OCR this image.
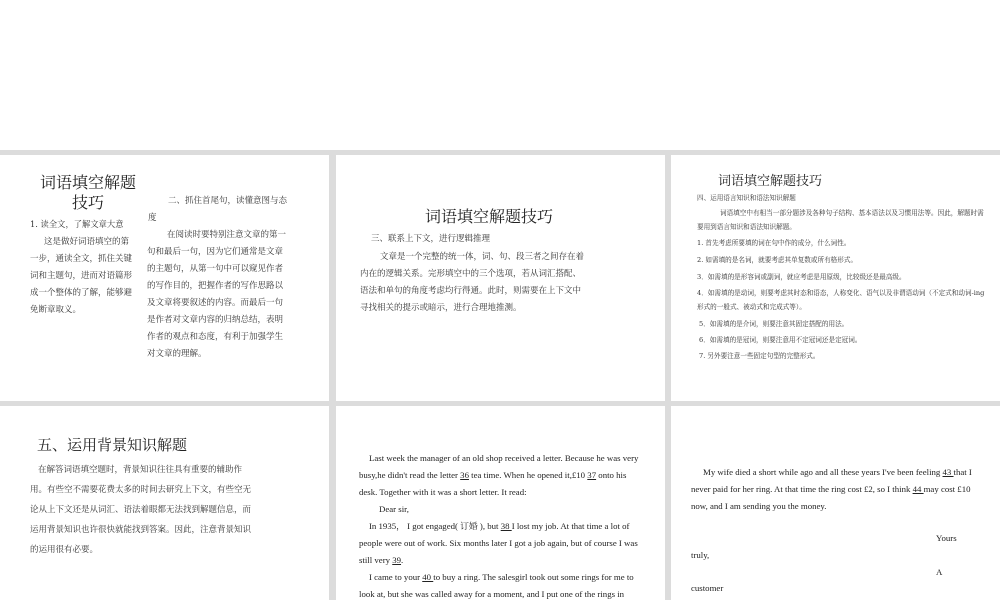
词语填空解题技巧
1. 读全文，了解文章大意
这是做好词语填空的第一步，通读全文，抓住关键词和主题句，进而对语篇形成一个整体的了解，能够避免断章取义。
二、抓住首尾句，读懂意图与态度
在阅读时要特别注意文章的第一句和最后一句，因为它们通常是文章的主题句，从第一句中可以窥见作者的写作目的，把握作者的写作思路以及文章将要叙述的内容。而最后一句是作者对文章内容的归纳总结，表明作者的观点和态度，有利于加强学生对文章的理解。
词语填空解题技巧
三、联系上下文，进行逻辑推理
文章是一个完整的统一体，词、句、段三者之间存在着内在的逻辑关系。完形填空中的三个选项，若从词汇搭配、语法和单句的角度考虑均行得通。此时，则需要在上下文中寻找相关的提示或暗示，进行合理地推测。
词语填空解题技巧
四、运用语言知识和语法知识解题
词语填空中有相当一部分题涉及各种句子结构、基本语法以及习惯用法等。因此，解题时需要用到语言知识和语法知识解题。
1. 首先考虑所要填的词在句中作的成分，什么词性。
2. 如需填的是名词，就要考虑其单复数或所有格形式。
3．如需填的是形容词或副词，就应考虑是用原级，比较级还是最高级。
4．如需填的是动词，则要考虑其时态和语态，人称变化、语气以及非谓语动词（不定式和动词-ing 形式的一般式、被动式和完成式等）。
5．如需填的是介词，则要注意其固定搭配的用法。
6．如需填的是冠词，则要注意用不定冠词还是定冠词。
7. 另外要注意一些固定句型的完整形式。
五、运用背景知识解题
在解答词语填空题时，背景知识往往具有重要的辅助作用。有些空不需要花费太多的时间去研究上下文，有些空无论从上下文还是从词汇、语法着眼都无法找到解题信息，而运用背景知识也许很快就能找到答案。因此，注意背景知识的运用很有必要。
Last week the manager of an old shop received a letter. Because he was very busy,he didn't read the letter 36 tea time. When he opened it,£10 37 onto his desk. Together with it was a short letter. It read:
Dear sir,
In 1935， I got engaged( 订婚 ), but 38 I lost my job. At that time a lot of people were out of work. Six months later I got a job again, but of course I was still very 39.
I came to your 40 to buy a ring. The salesgirl took out some rings for me to look at, but she was called away for a moment, and I put one of the rings in
My wife died a short while ago and all these years I've been feeling 43 that I never paid for her ring. At that time the ring cost £2, so I think 44 may cost £10 now, and I am sending you the money.
Yours
truly,
A
customer
